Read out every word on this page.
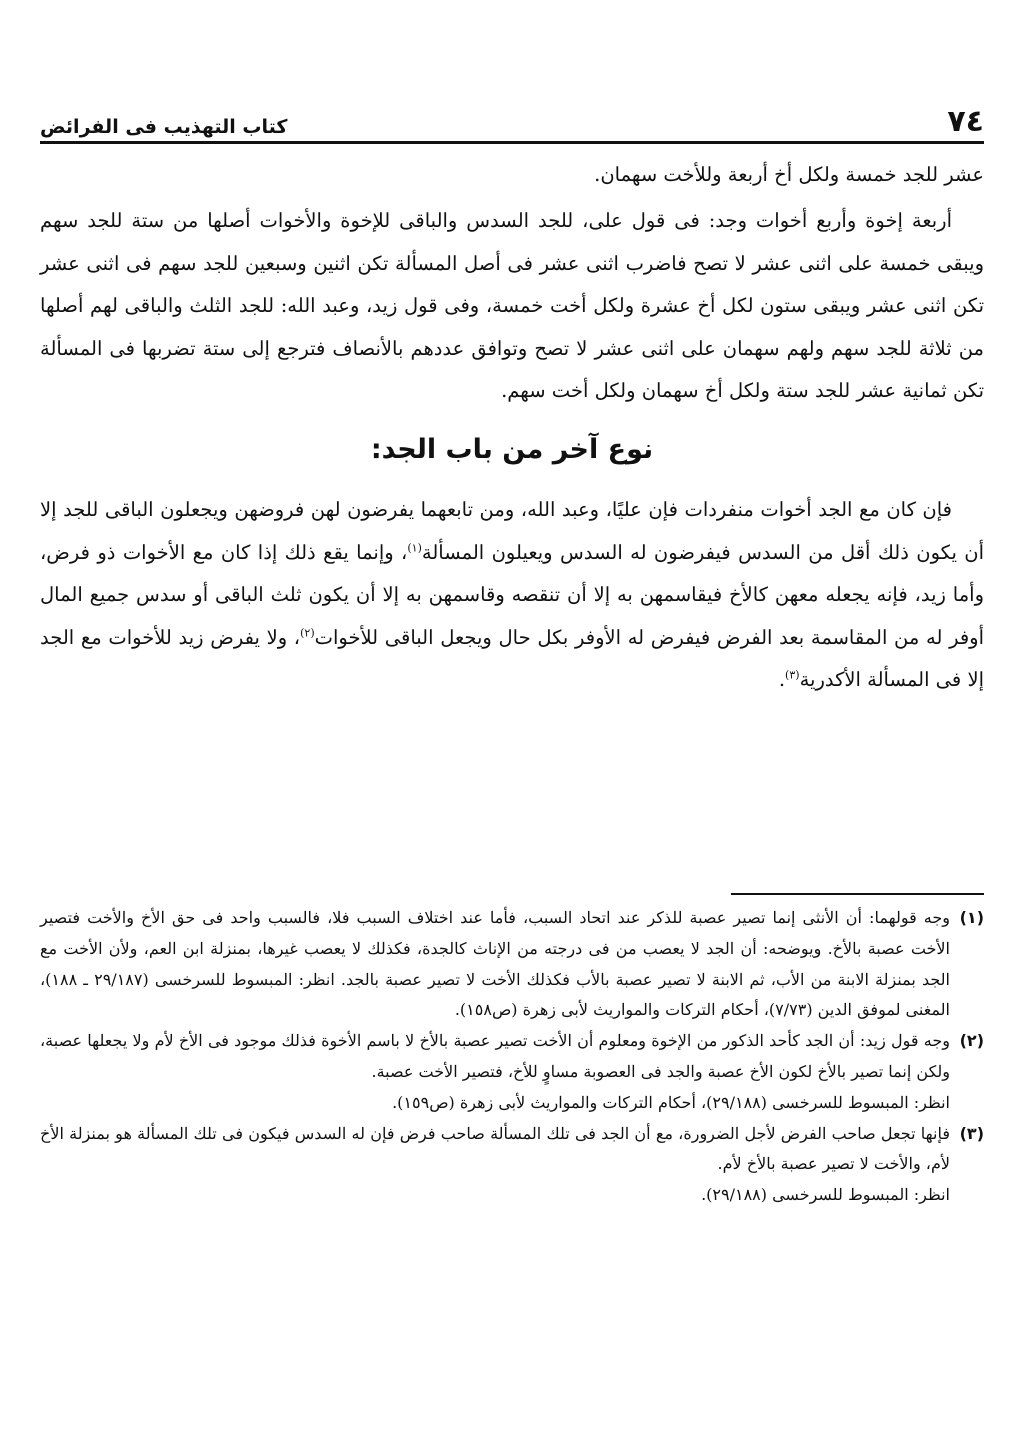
٧٤
كتاب التهذيب فى الفرائض

عشر للجد خمسة ولكل أخ أربعة وللأخت سهمان.

أربعة إخوة وأربع أخوات وجد: فى قول على، للجد السدس والباقى للإخوة والأخوات أصلها من ستة للجد سهم ويبقى خمسة على اثنى عشر لا تصح فاضرب اثنى عشر فى أصل المسألة تكن اثنين وسبعين للجد سهم فى اثنى عشر تكن اثنى عشر ويبقى ستون لكل أخ عشرة ولكل أخت خمسة، وفى قول زيد، وعبد الله: للجد الثلث والباقى لهم أصلها من ثلاثة للجد سهم ولهم سهمان على اثنى عشر لا تصح وتوافق عددهم بالأنصاف فترجع إلى ستة تضربها فى المسألة تكن ثمانية عشر للجد ستة ولكل أخ سهمان ولكل أخت سهم.

نوع آخر من باب الجد:

فإن كان مع الجد أخوات منفردات فإن عليًا، وعبد الله، ومن تابعهما يفرضون لهن فروضهن ويجعلون الباقى للجد إلا أن يكون ذلك أقل من السدس فيفرضون له السدس ويعيلون المسألة$^{(١)}$، وإنما يقع ذلك إذا كان مع الأخوات ذو فرض، وأما زيد، فإنه يجعله معهن كالأخ فيقاسمهن به إلا أن تنقصه وقاسمهن به إلا أن يكون ثلث الباقى أو سدس جميع المال أوفر له من المقاسمة بعد الفرض فيفرض له الأوفر بكل حال ويجعل الباقى للأخوات$^{(٢)}$، ولا يفرض زيد للأخوات مع الجد إلا فى المسألة الأكدرية$^{(٣)}$.

(١)

وجه قولهما: أن الأنثى إنما تصير عصبة للذكر عند اتحاد السبب، فأما عند اختلاف السبب فلا، فالسبب واحد فى حق الأخ والأخت فتصير الأخت عصبة بالأخ. ويوضحه: أن الجد لا يعصب من فى درجته من الإناث كالجدة، فكذلك لا يعصب غيرها، بمنزلة ابن العم، ولأن الأخت مع الجد بمنزلة الابنة من الأب، ثم الابنة لا تصير عصبة بالأب فكذلك الأخت لا تصير عصبة بالجد. انظر: المبسوط للسرخسى (٢٩/١٨٧ ـ ١٨٨)، المغنى لموفق الدين (٧/٧٣)، أحكام التركات والمواريث لأبى زهرة (ص١٥٨).

(٢)

وجه قول زيد: أن الجد كأحد الذكور من الإخوة ومعلوم أن الأخت تصير عصبة بالأخ لا باسم الأخوة فذلك موجود فى الأخ لأم ولا يجعلها عصبة، ولكن إنما تصير بالأخ لكون الأخ عصبة والجد فى العصوبة مساوٍ للأخ، فتصير الأخت عصبة.

انظر: المبسوط للسرخسى (٢٩/١٨٨)، أحكام التركات والمواريث لأبى زهرة (ص١٥٩).

(٣)

فإنها تجعل صاحب الفرض لأجل الضرورة، مع أن الجد فى تلك المسألة صاحب فرض فإن له السدس فيكون فى تلك المسألة هو بمنزلة الأخ لأم، والأخت لا تصير عصبة بالأخ لأم.

انظر: المبسوط للسرخسى (٢٩/١٨٨).
